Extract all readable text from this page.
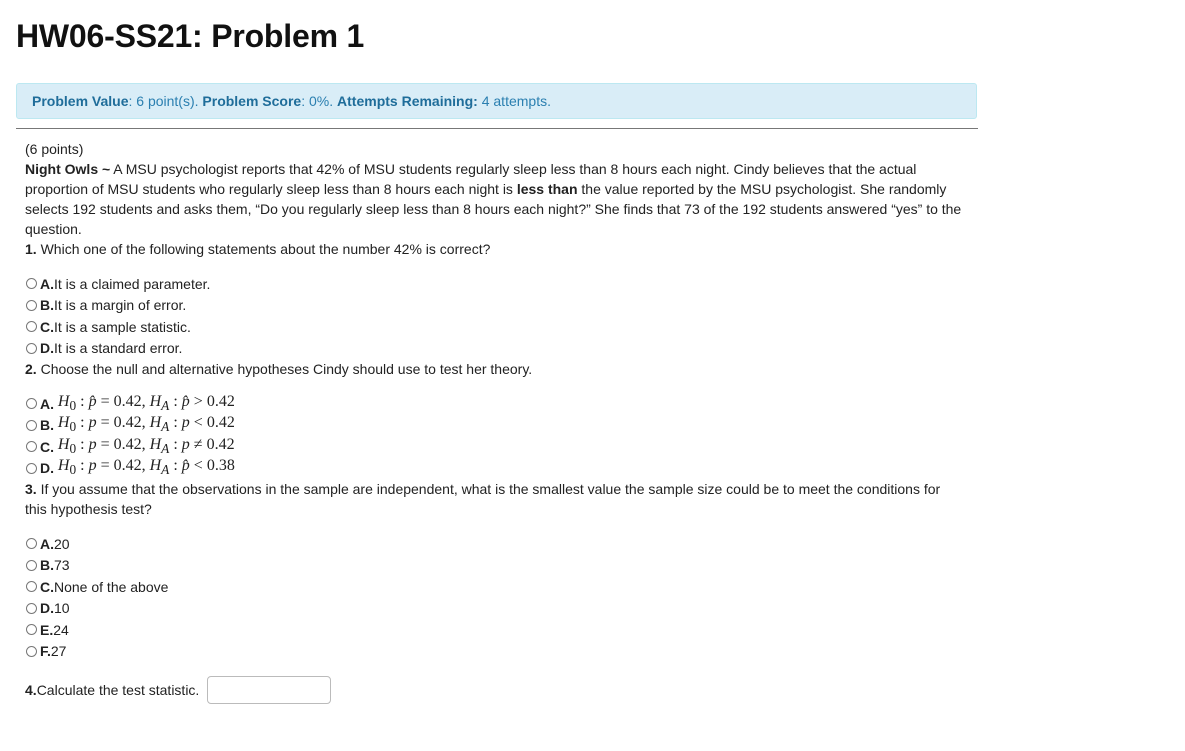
HW06-SS21: Problem 1
Problem Value: 6 point(s). Problem Score: 0%. Attempts Remaining: 4 attempts.

(6 points)

Night Owls ~ A MSU psychologist reports that 42% of MSU students regularly sleep less than 8 hours each night. Cindy believes that the actual proportion of MSU students who regularly sleep less than 8 hours each night is less than the value reported by the MSU psychologist. She randomly selects 192 students and asks them, “Do you regularly sleep less than 8 hours each night?” She finds that 73 of the 192 students answered “yes” to the question.

1. Which one of the following statements about the number 42% is correct?

A. It is a claimed parameter.
B. It is a margin of error.
C. It is a sample statistic.
D. It is a standard error.

2. Choose the null and alternative hypotheses Cindy should use to test her theory.

A.
$H_0$ : p̂ = 0.42, $H_A$ : p̂ > 0.42
B.
$H_0$ : p = 0.42, $H_A$ : p < 0.42
C.
$H_0$ : p = 0.42, $H_A$ : p ≠ 0.42
D.
$H_0$ : p = 0.42, $H_A$ : p̂ < 0.38

3. If you assume that the observations in the sample are independent, what is the smallest value the sample size could be to meet the conditions for this hypothesis test?

A. 20
B. 73
C. None of the above
D. 10
E. 24
F. 27
4. Calculate the test statistic.
